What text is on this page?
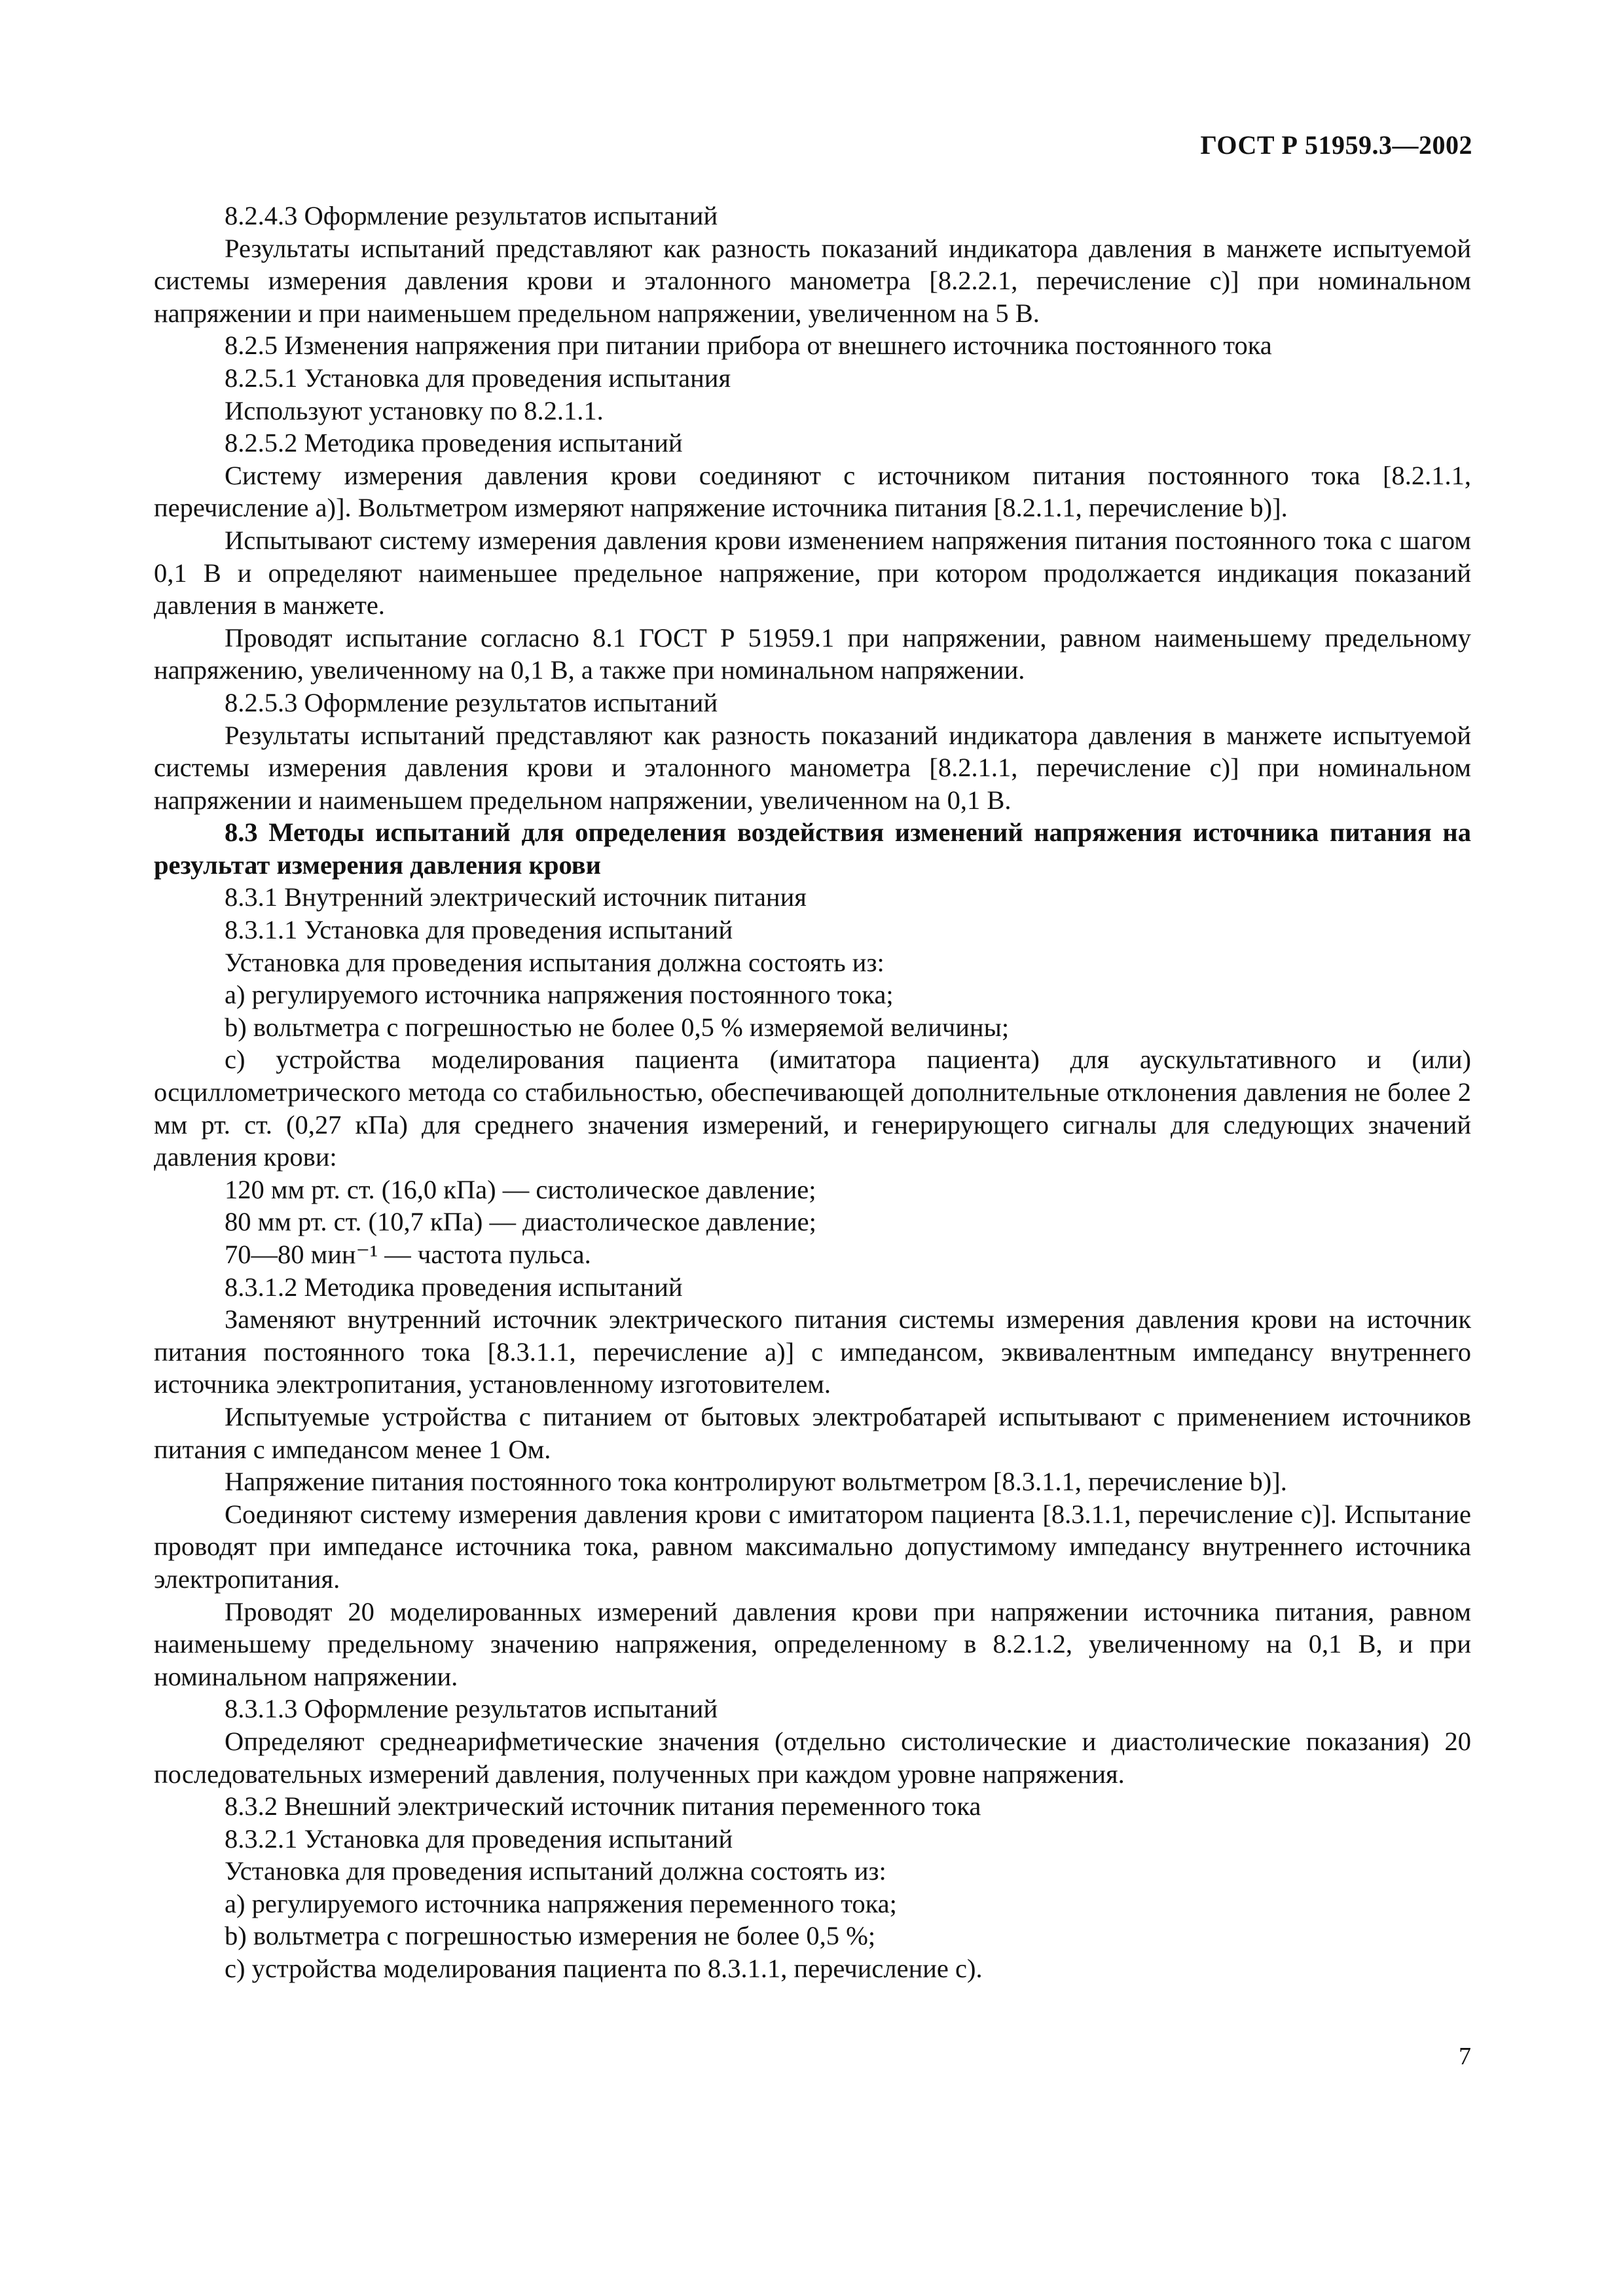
ГОСТ Р 51959.3—2002

8.2.4.3 Оформление результатов испытаний

Результаты испытаний представляют как разность показаний индикатора давления в манжете испытуемой системы измерения давления крови и эталонного манометра [8.2.2.1, перечисление с)] при номинальном напряжении и при наименьшем предельном напряжении, увеличенном на 5 В.

8.2.5 Изменения напряжения при питании прибора от внешнего источника постоянного тока

8.2.5.1 Установка для проведения испытания

Используют установку по 8.2.1.1.

8.2.5.2 Методика проведения испытаний

Систему измерения давления крови соединяют с источником питания постоянного тока [8.2.1.1, перечисление а)]. Вольтметром измеряют напряжение источника питания [8.2.1.1, перечисление b)].

Испытывают систему измерения давления крови изменением напряжения питания постоянного тока с шагом 0,1 В и определяют наименьшее предельное напряжение, при котором продолжается индикация показаний давления в манжете.

Проводят испытание согласно 8.1 ГОСТ Р 51959.1 при напряжении, равном наименьшему предельному напряжению, увеличенному на 0,1 В, а также при номинальном напряжении.

8.2.5.3 Оформление результатов испытаний

Результаты испытаний представляют как разность показаний индикатора давления в манжете испытуемой системы измерения давления крови и эталонного манометра [8.2.1.1, перечисление с)] при номинальном напряжении и наименьшем предельном напряжении, увеличенном на 0,1 В.

8.3 Методы испытаний для определения воздействия изменений напряжения источника питания на результат измерения давления крови

8.3.1 Внутренний электрический источник питания

8.3.1.1 Установка для проведения испытаний

Установка для проведения испытания должна состоять из:

а) регулируемого источника напряжения постоянного тока;

b) вольтметра с погрешностью не более 0,5 % измеряемой величины;

с) устройства моделирования пациента (имитатора пациента) для аускультативного и (или) осциллометрического метода со стабильностью, обеспечивающей дополнительные отклонения давления не более 2 мм рт. ст. (0,27 кПа) для среднего значения измерений, и генерирующего сигналы для следующих значений давления крови:

120 мм рт. ст. (16,0 кПа) — систолическое давление;

80 мм рт. ст. (10,7 кПа) — диастолическое давление;

70—80 мин⁻¹ — частота пульса.

8.3.1.2 Методика проведения испытаний

Заменяют внутренний источник электрического питания системы измерения давления крови на источник питания постоянного тока [8.3.1.1, перечисление а)] с импедансом, эквивалентным импедансу внутреннего источника электропитания, установленному изготовителем.

Испытуемые устройства с питанием от бытовых электробатарей испытывают с применением источников питания с импедансом менее 1 Ом.

Напряжение питания постоянного тока контролируют вольтметром [8.3.1.1, перечисление b)].

Соединяют систему измерения давления крови с имитатором пациента [8.3.1.1, перечисление с)]. Испытание проводят при импедансе источника тока, равном максимально допустимому импедансу внутреннего источника электропитания.

Проводят 20 моделированных измерений давления крови при напряжении источника питания, равном наименьшему предельному значению напряжения, определенному в 8.2.1.2, увеличенному на 0,1 В, и при номинальном напряжении.

8.3.1.3 Оформление результатов испытаний

Определяют среднеарифметические значения (отдельно систолические и диастолические показания) 20 последовательных измерений давления, полученных при каждом уровне напряжения.

8.3.2 Внешний электрический источник питания переменного тока

8.3.2.1 Установка для проведения испытаний

Установка для проведения испытаний должна состоять из:

а) регулируемого источника напряжения переменного тока;

b) вольтметра с погрешностью измерения не более 0,5 %;

с) устройства моделирования пациента по 8.3.1.1, перечисление с).

7
